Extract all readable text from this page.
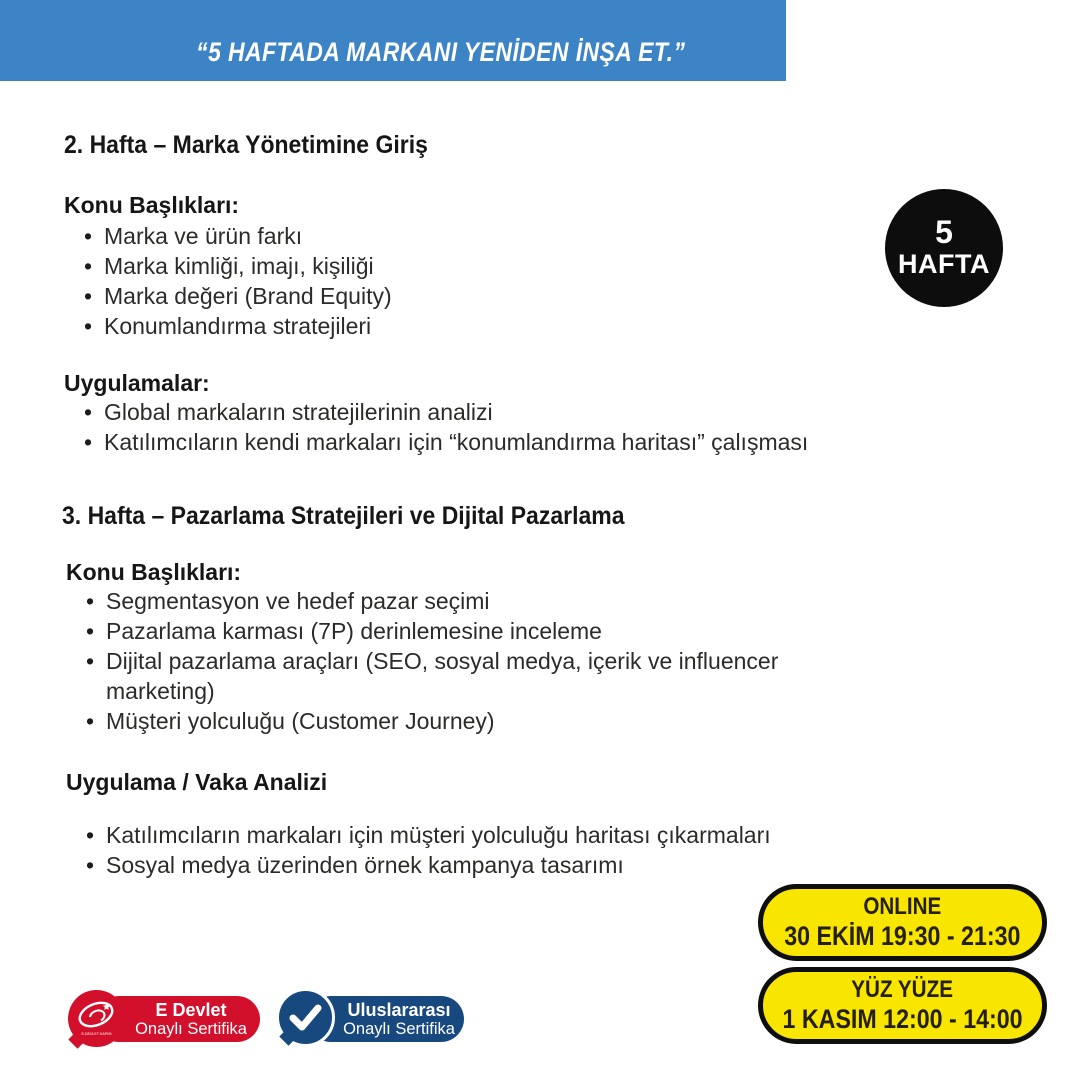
“5 HAFTADA MARKANI YENİDEN İNŞA ET.”
2. Hafta – Marka Yönetimine Giriş
Konu Başlıkları:
• Marka ve ürün farkı
• Marka kimliği, imajı, kişiliği
• Marka değeri (Brand Equity)
• Konumlandırma stratejileri
Uygulamalar:
• Global markaların stratejilerinin analizi
• Katılımcıların kendi markaları için “konumlandırma haritası” çalışması
3. Hafta – Pazarlama Stratejileri ve Dijital Pazarlama
Konu Başlıkları:
• Segmentasyon ve hedef pazar seçimi
• Pazarlama karması (7P) derinlemesine inceleme
• Dijital pazarlama araçları (SEO, sosyal medya, içerik ve influencer marketing)
• Müşteri yolculuğu (Customer Journey)
Uygulama / Vaka Analizi
• Katılımcıların markaları için müşteri yolculuğu haritası çıkarmaları
• Sosyal medya üzerinden örnek kampanya tasarımı
5
HAFTA
ONLINE
30 EKİM 19:30 - 21:30
YÜZ YÜZE
1 KASIM 12:00 - 14:00
E Devlet
Onaylı Sertifika
E-DEVLET KAPISI
Uluslararası
Onaylı Sertifika
